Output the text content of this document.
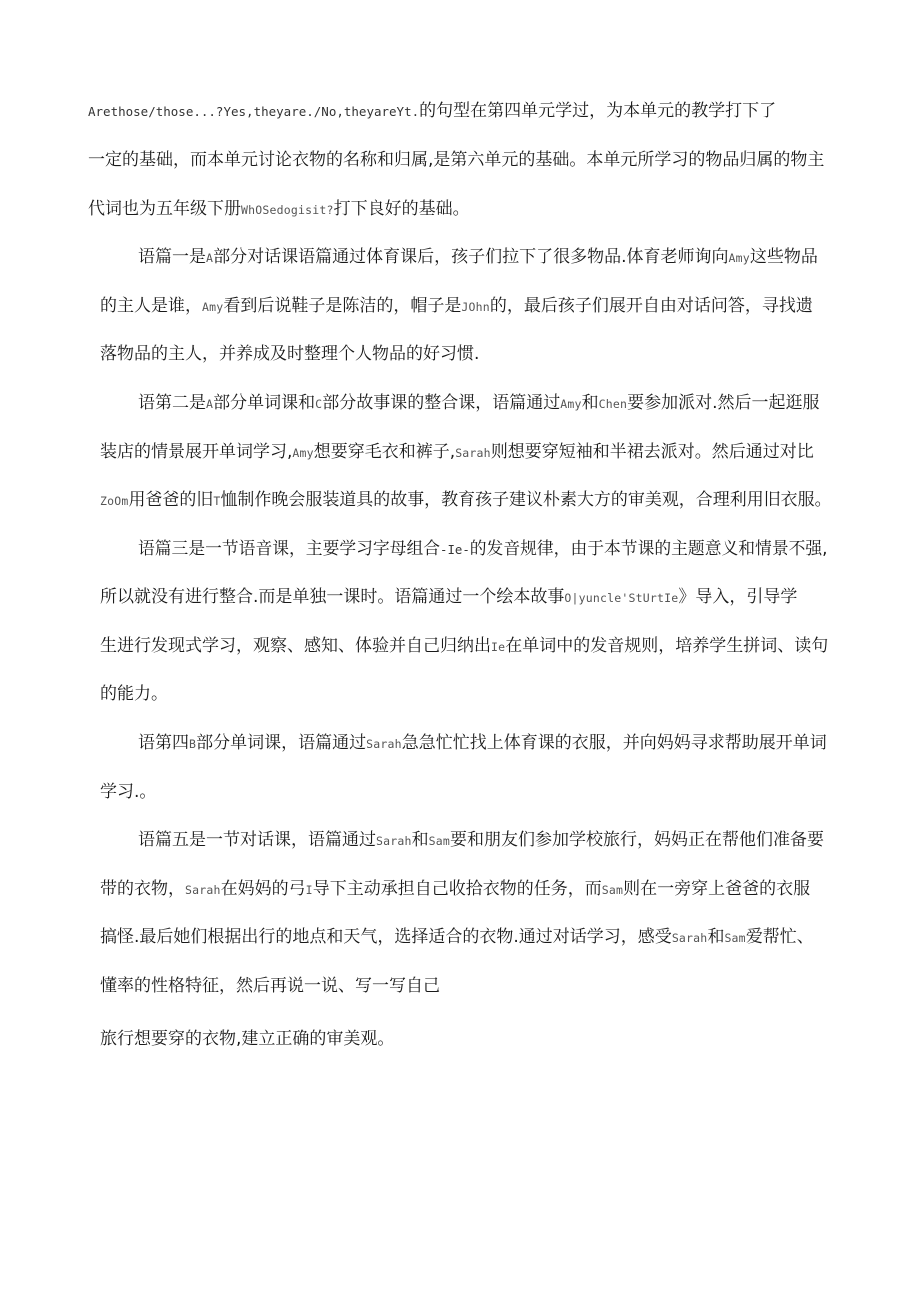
Arethose/those...?Yes,theyare./No,theyareYt.的句型在第四单元学过，为本单元的教学打下了
一定的基础，而本单元讨论衣物的名称和归属,是第六单元的基础。本单元所学习的物品归属的物主
代词也为五年级下册WhOSedogisit?打下良好的基础。
语篇一是A部分对话课语篇通过体育课后，孩子们拉下了很多物品.体育老师询向Amy这些物品
的主人是谁，Amy看到后说鞋子是陈洁的，帽子是JOhn的，最后孩子们展开自由对话问答，寻找遗
落物品的主人，并养成及时整理个人物品的好习惯.
语第二是A部分单词课和C部分故事课的整合课，语篇通过Amy和Chen要参加派对.然后一起逛服
装店的情景展开单词学习,Amy想要穿毛衣和裤子,Sarah则想要穿短袖和半裙去派对。然后通过对比
ZoOm用爸爸的旧T恤制作晚会服装道具的故事，教育孩子建议朴素大方的审美观，合理利用旧衣服。
语篇三是一节语音课，主要学习字母组合-Ie-的发音规律，由于本节课的主题意义和情景不强,
所以就没有进行整合.而是单独一课时。语篇通过一个绘本故事O|yuncle'StUrtIe》导入，引导学
生进行发现式学习，观察、感知、体验并自己归纳出Ie在单词中的发音规则，培养学生拼词、读句
的能力。
语第四B部分单词课，语篇通过Sarah急急忙忙找上体育课的衣服，并向妈妈寻求帮助展开单词
学习.。
语篇五是一节对话课，语篇通过Sarah和Sam要和朋友们参加学校旅行，妈妈正在帮他们准备要
带的衣物，Sarah在妈妈的弓I导下主动承担自己收拾衣物的任务，而Sam则在一旁穿上爸爸的衣服
搞怪.最后她们根据出行的地点和天气，选择适合的衣物.通过对话学习，感受Sarah和Sam爱帮忙、
懂率的性格特征，然后再说一说、写一写自己
旅行想要穿的衣物,建立正确的审美观。
